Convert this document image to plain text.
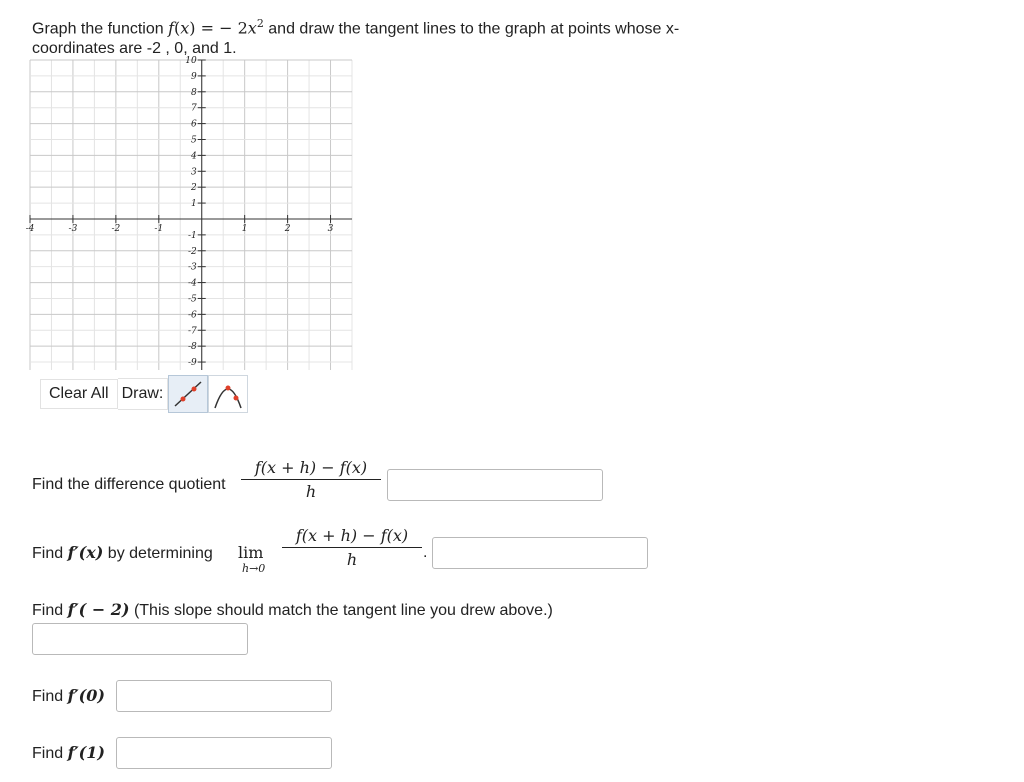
Graph the function f(x) = − $2x^2$ and draw the tangent lines to the graph at points whose x-
coordinates are -2 , 0, and 1.
-4	-3	-2	-1	1	2	3
10
9
8
7
6
5
4
3
2
1
-1
-2
-3
-4
-5
-6
-7
-8
-9
Clear All Draw:
Find the difference quotient
f(x + h) − f(x)
h
Find f′(x) by determining lim
h→0
f(x + h) − f(x)
h	.
Find f′( − 2) (This slope should match the tangent line you drew above.)
Find f′(0)
Find f′(1)
